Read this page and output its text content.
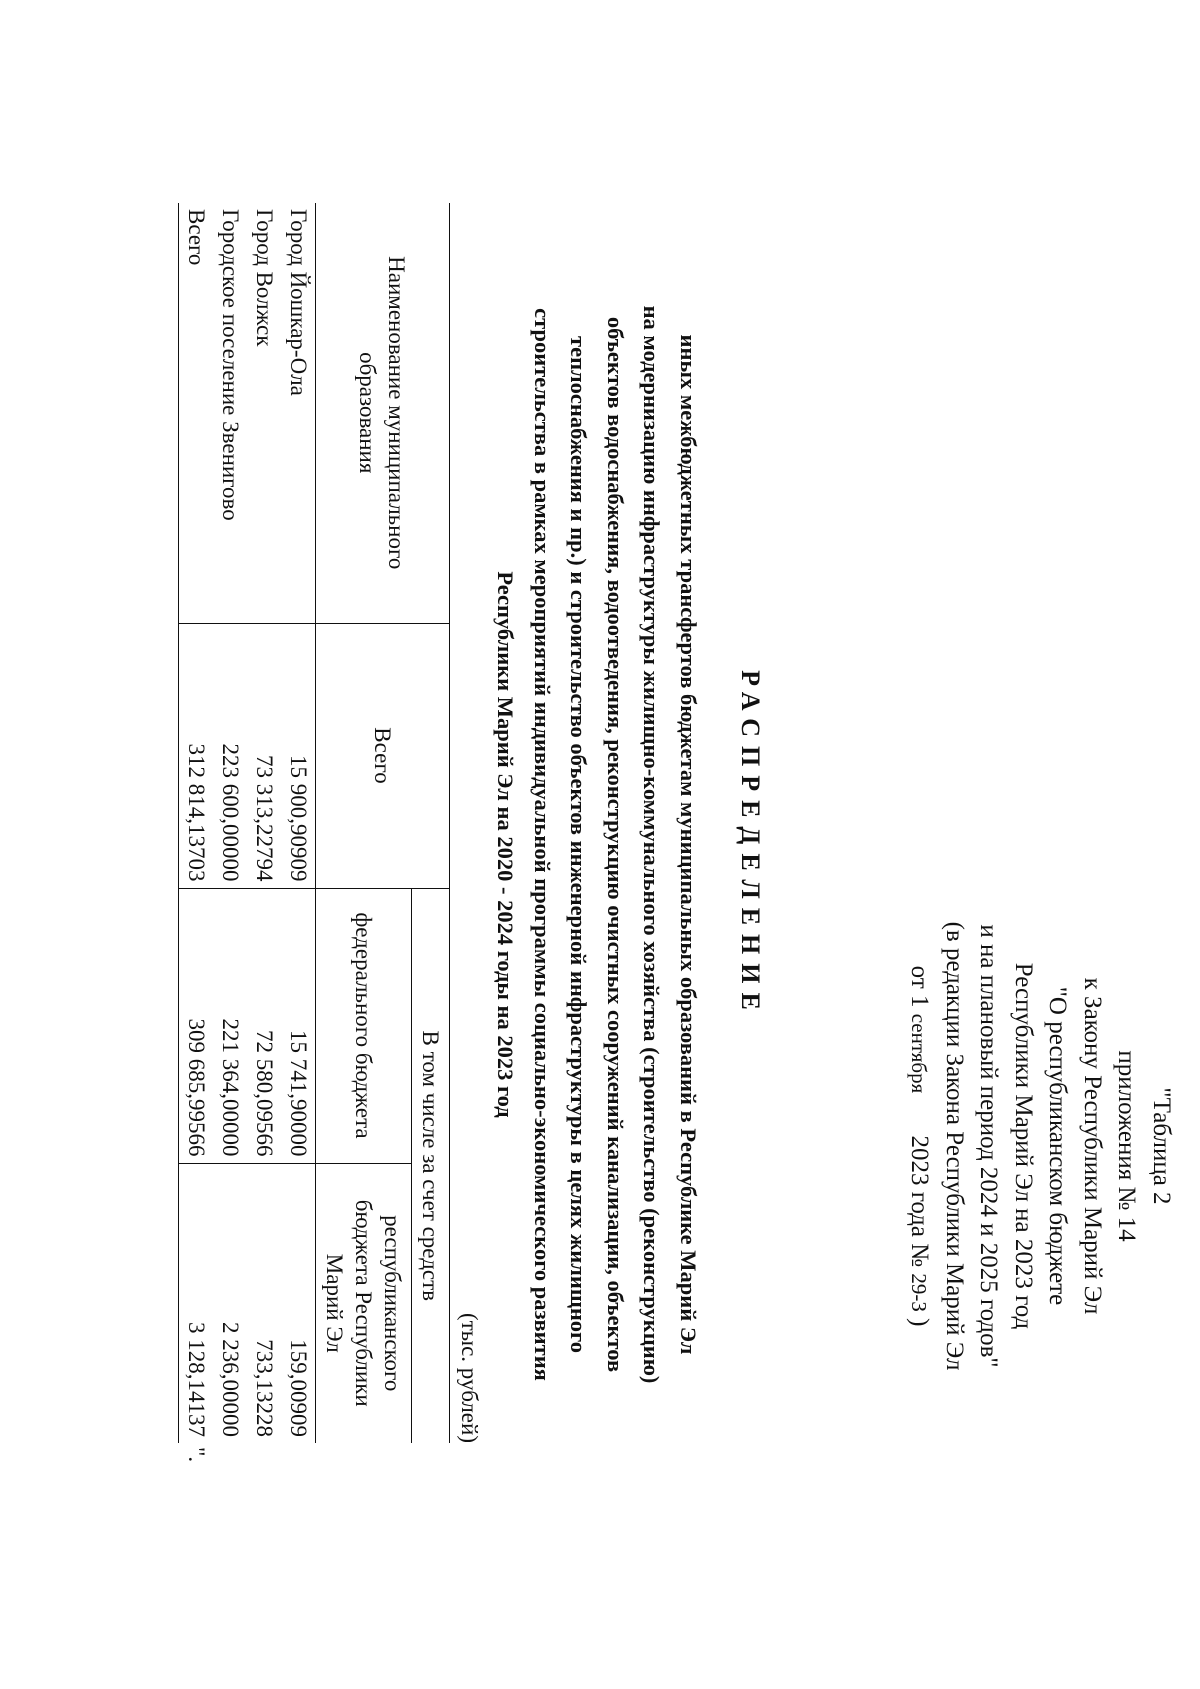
"Таблица 2
приложения № 14
к Закону Республики Марий Эл
"О республиканском бюджете
Республики Марий Эл на 2023 год
и на плановый период 2024 и 2025 годов"
(в редакции Закона Республики Марий Эл
от 1 сентября 2023 года № 29-З )
РАСПРЕДЕЛЕНИЕ
иных межбюджетных трансфертов бюджетам муниципальных образований в Республике Марий Эл
на модернизацию инфраструктуры жилищно-коммунального хозяйства (строительство (реконструкцию)
объектов водоснабжения, водоотведения, реконструкцию очистных сооружений канализации, объектов
теплоснабжения и пр.) и строительство объектов инженерной инфраструктуры в целях жилищного
строительства в рамках мероприятий индивидуальной программы социально-экономического развития
Республики Марий Эл на 2020 - 2024 годы на 2023 год
(тыс. рублей)
Наименование муниципального образования	Всего	В том числе за счет средств	
		федерального бюджета	республиканского бюджета Республики Марий Эл
Город Йошкар-Ола	15 900,90909	15 741,90000	159,00909
Город Волжск	73 313,22794	72 580,09566	733,13228
Городское поселение Звенигово	223 600,00000	221 364,00000	2 236,00000
Всего	312 814,13703	309 685,99566	3 128,14137
".
